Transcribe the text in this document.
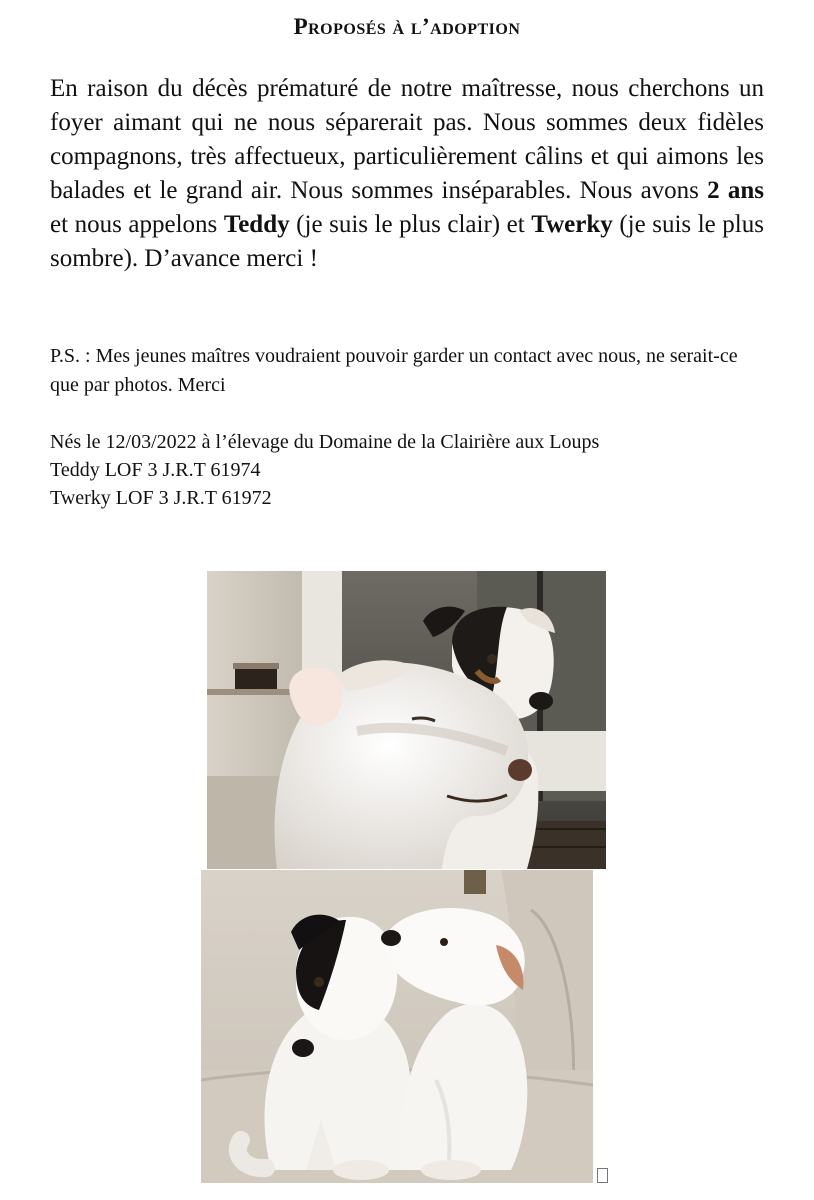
Proposés à l’adoption

En raison du décès prématuré de notre maîtresse, nous cherchons un foyer aimant qui ne nous séparerait pas. Nous sommes deux fidèles compagnons, très affectueux, particulièrement câlins et qui aimons les balades et le grand air. Nous sommes inséparables. Nous avons 2 ans et nous appelons Teddy (je suis le plus clair) et Twerky (je suis le plus sombre). D’avance merci !

P.S. : Mes jeunes maîtres voudraient pouvoir garder un contact avec nous, ne serait-ce que par photos. Merci

Nés le 12/03/2022 à l’élevage du Domaine de la Clairière aux Loups
Teddy LOF 3 J.R.T 61974
Twerky LOF 3 J.R.T 61972
